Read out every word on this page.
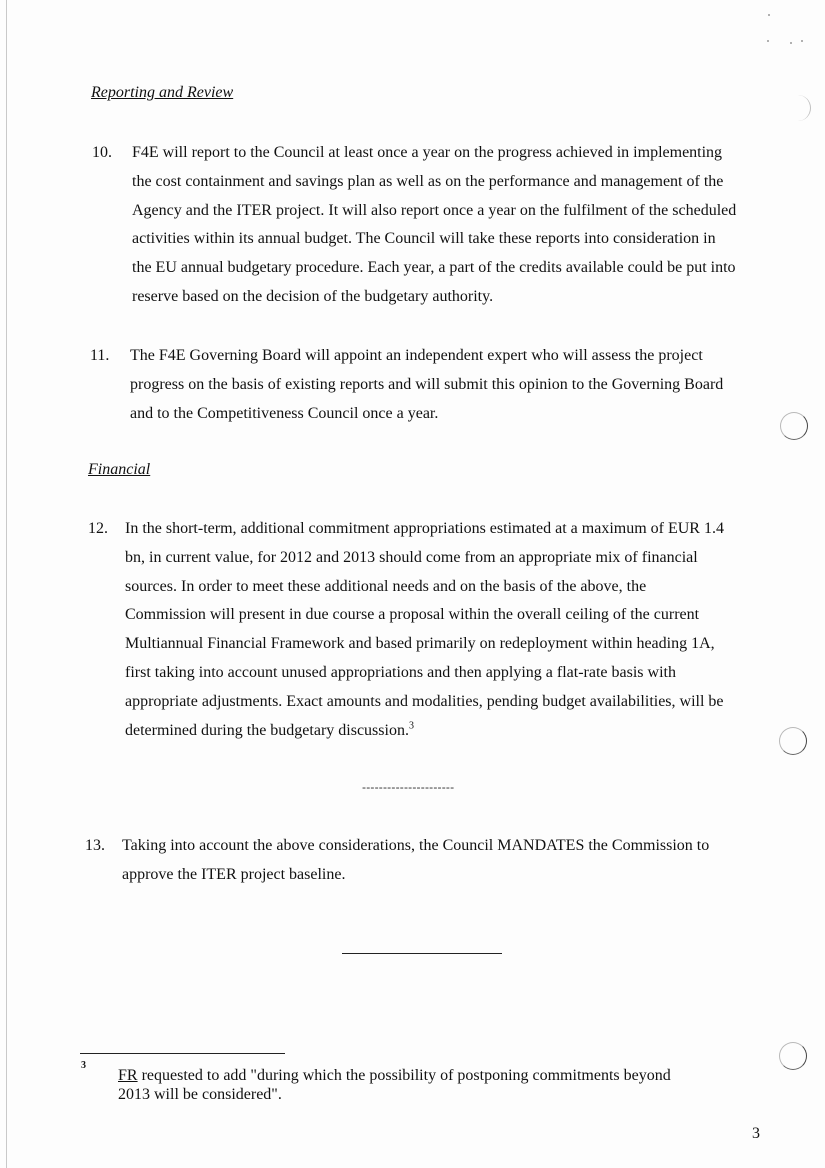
Reporting and Review
10. F4E will report to the Council at least once a year on the progress achieved in implementing
the cost containment and savings plan as well as on the performance and management of the
Agency and the ITER project. It will also report once a year on the fulfilment of the scheduled
activities within its annual budget. The Council will take these reports into consideration in
the EU annual budgetary procedure. Each year, a part of the credits available could be put into
reserve based on the decision of the budgetary authority.
11. The F4E Governing Board will appoint an independent expert who will assess the project
progress on the basis of existing reports and will submit this opinion to the Governing Board
and to the Competitiveness Council once a year.
Financial
12. In the short-term, additional commitment appropriations estimated at a maximum of EUR 1.4
bn, in current value, for 2012 and 2013 should come from an appropriate mix of financial
sources. In order to meet these additional needs and on the basis of the above, the
Commission will present in due course a proposal within the overall ceiling of the current
Multiannual Financial Framework and based primarily on redeployment within heading 1A,
first taking into account unused appropriations and then applying a flat-rate basis with
appropriate adjustments. Exact amounts and modalities, pending budget availabilities, will be
determined during the budgetary discussion.$^3$
----------------------
13. Taking into account the above considerations, the Council MANDATES the Commission to
approve the ITER project baseline.
3
FR requested to add "during which the possibility of postponing commitments beyond
2013 will be considered".
3
